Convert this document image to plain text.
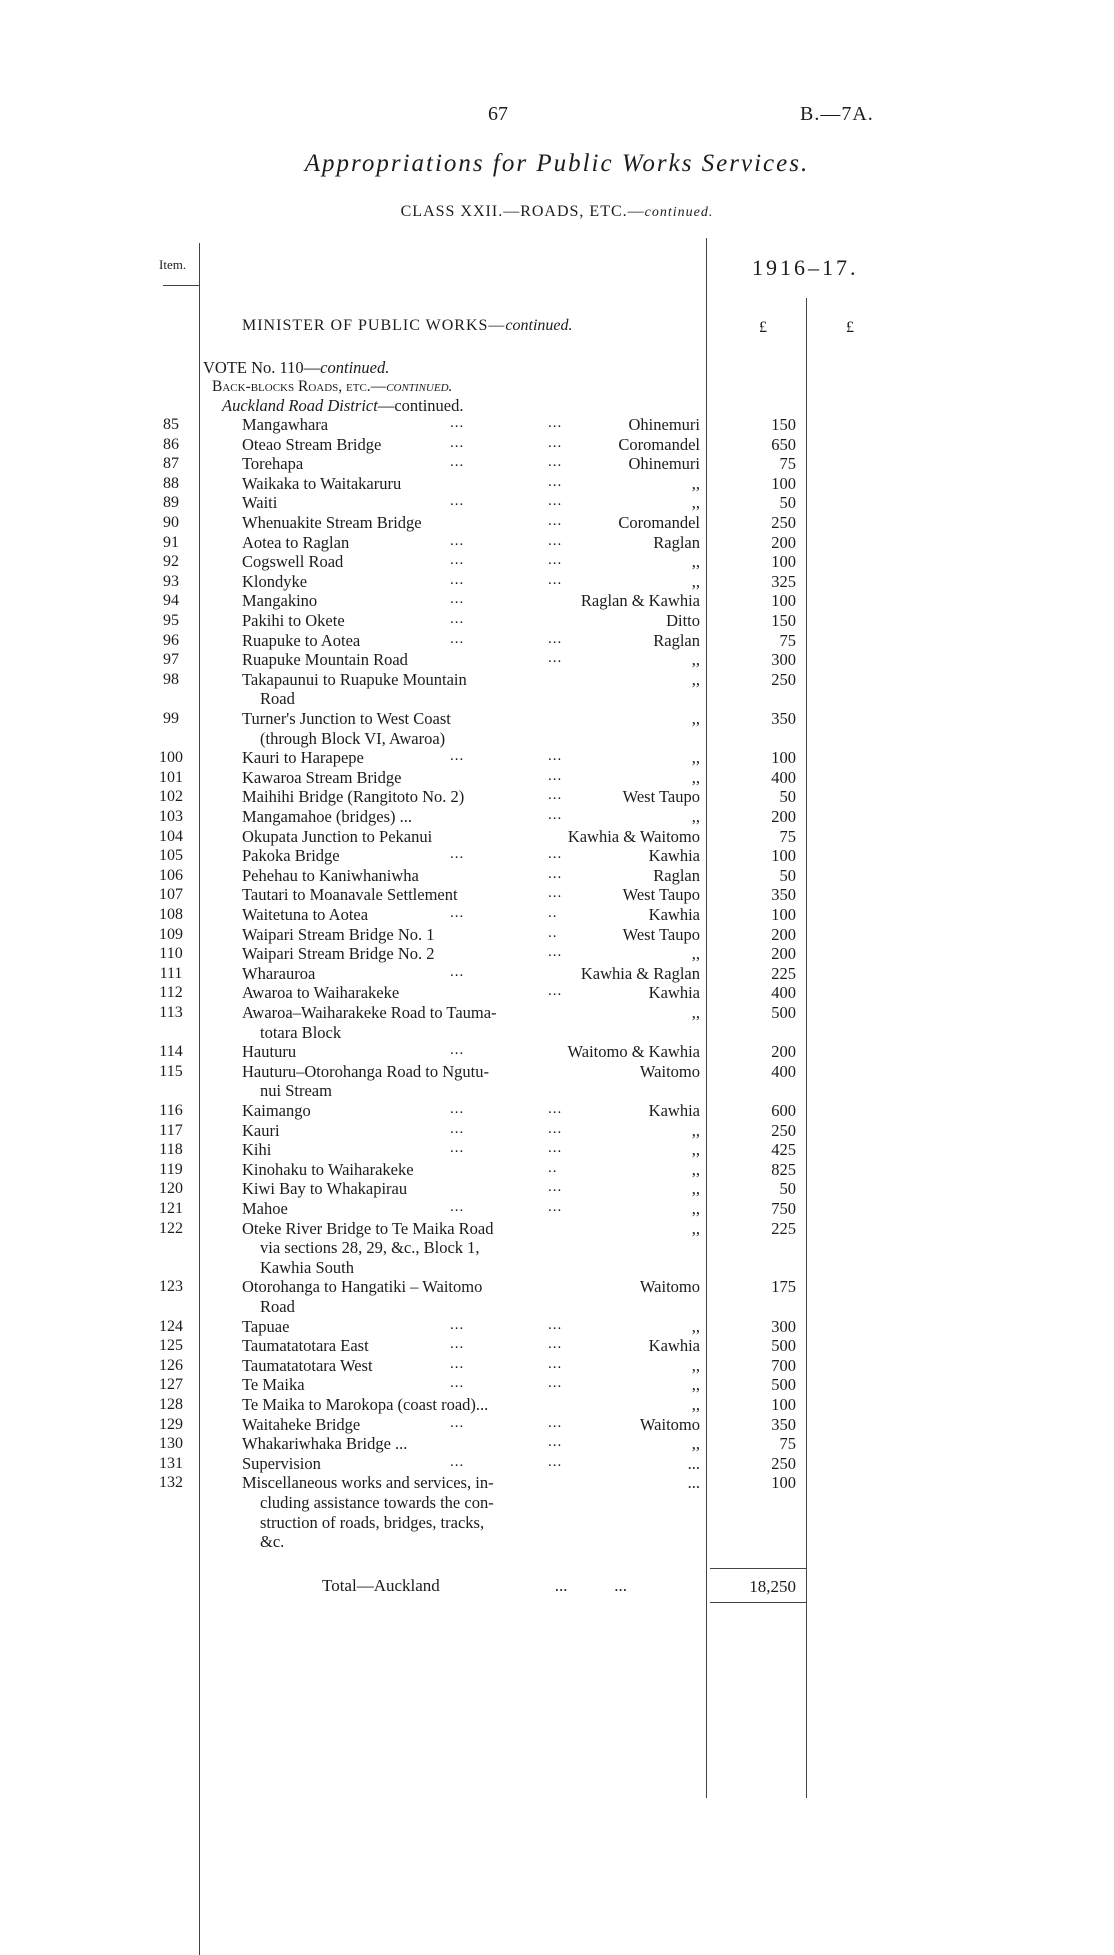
67	B.—7A.
Appropriations for Public Works Services.
CLASS XXII.—ROADS, ETC.—continued.
Item.	1916–17.
MINISTER OF PUBLIC WORKS—continued.	£	£
VOTE No. 110—continued.
Back-blocks Roads, etc.—continued.
Auckland Road District—continued.
85	Mangawhara	...	...	Ohinemuri	150
86	Oteao Stream Bridge	...	...	Coromandel	650
87	Torehapa	...	...	Ohinemuri	75
88	Waikaka to Waitakaruru	...	,,	100
89	Waiti	...	...	,,	50
90	Whenuakite Stream Bridge	...	Coromandel	250
91	Aotea to Raglan	...	...	Raglan	200
92	Cogswell Road	...	...	,,	100
93	Klondyke	...	...	,,	325
94	Mangakino	...	Raglan & Kawhia	100
95	Pakihi to Okete	...	Ditto	150
96	Ruapuke to Aotea	...	...	Raglan	75
97	Ruapuke Mountain Road	...	,,	300
98	Takapaunui to Ruapuke Mountain
Road
,,	250
99	Turner's Junction to West Coast
(through Block VI, Awaroa)
,,	350
100	Kauri to Harapepe	...	...	,,	100
101	Kawaroa Stream Bridge	...	,,	400
102	Maihihi Bridge (Rangitoto No. 2)	...	West Taupo	50
103	Mangamahoe (bridges) ...	...	,,	200
104	Okupata Junction to Pekanui	Kawhia & Waitomo	75
105	Pakoka Bridge	...	...	Kawhia	100
106	Pehehau to Kaniwhaniwha	...	Raglan	50
107	Tautari to Moanavale Settlement	...	West Taupo	350
108	Waitetuna to Aotea	...	..	Kawhia	100
109	Waipari Stream Bridge No. 1	..	West Taupo	200
110	Waipari Stream Bridge No. 2	...	,,	200
111	Wharauroa	...	Kawhia & Raglan	225
112	Awaroa to Waiharakeke	...	Kawhia	400
113	Awaroa–Waiharakeke Road to Tauma-
totara Block
,,	500
114	Hauturu	...	Waitomo & Kawhia	200
115	Hauturu–Otorohanga Road to Ngutu-
nui Stream
Waitomo	400
116	Kaimango	...	...	Kawhia	600
117	Kauri	...	...	,,	250
118	Kihi	...	...	,,	425
119	Kinohaku to Waiharakeke	..	,,	825
120	Kiwi Bay to Whakapirau	...	,,	50
121	Mahoe	...	...	,,	750
122	Oteke River Bridge to Te Maika Road
via sections 28, 29, &c., Block 1,
Kawhia South
,,	225
123	Otorohanga to Hangatiki – Waitomo
Road
Waitomo	175
124	Tapuae	...	...	,,	300
125	Taumatatotara East	...	...	Kawhia	500
126	Taumatatotara West	...	...	,,	700
127	Te Maika	...	...	,,	500
128	Te Maika to Marokopa (coast road)...	,,	100
129	Waitaheke Bridge	...	...	Waitomo	350
130	Whakariwhaka Bridge ...	...	,,	75
131	Supervision	...	...	...	250
132	Miscellaneous works and services, in-
cluding assistance towards the con-
struction of roads, bridges, tracks,
&c.
...	100
Total—Auckland	...           ...	18,250
